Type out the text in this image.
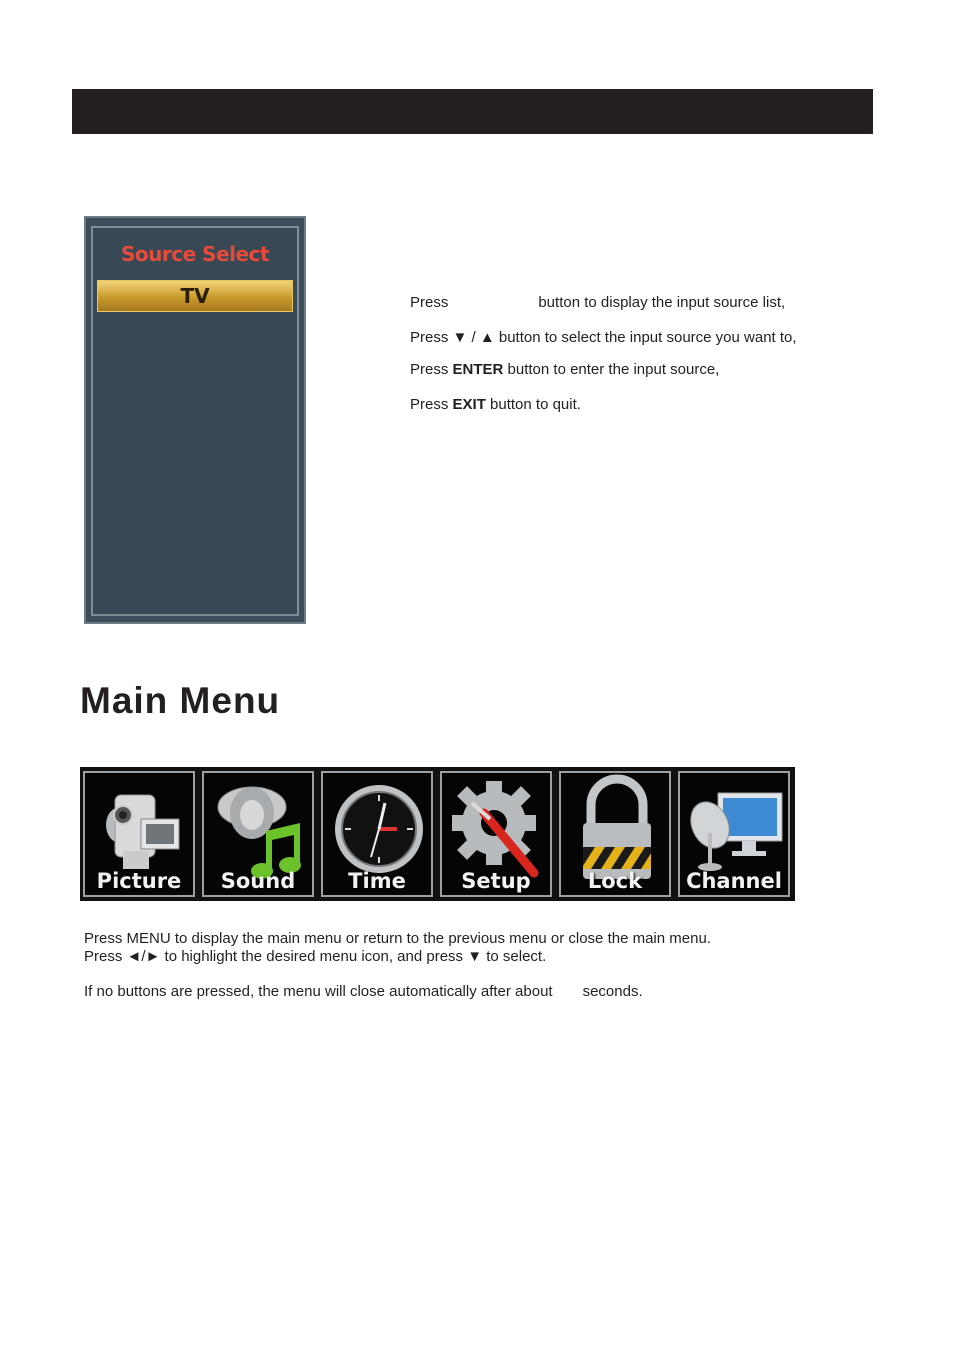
Source Select
TV	Press	button to display the input source list,
Press ▼ / ▲ button to select the input source you want to,
Press ENTER button to enter the input source,
Press EXIT button to quit.
Main Menu
Picture	Sound	Time	Setup	Lock	Channel
Press MENU to display the main menu or return to the previous menu or close the main menu.
Press ◄/► to highlight the desired menu icon, and press ▼ to select.
If no buttons are pressed, the menu will close automatically after about seconds.
